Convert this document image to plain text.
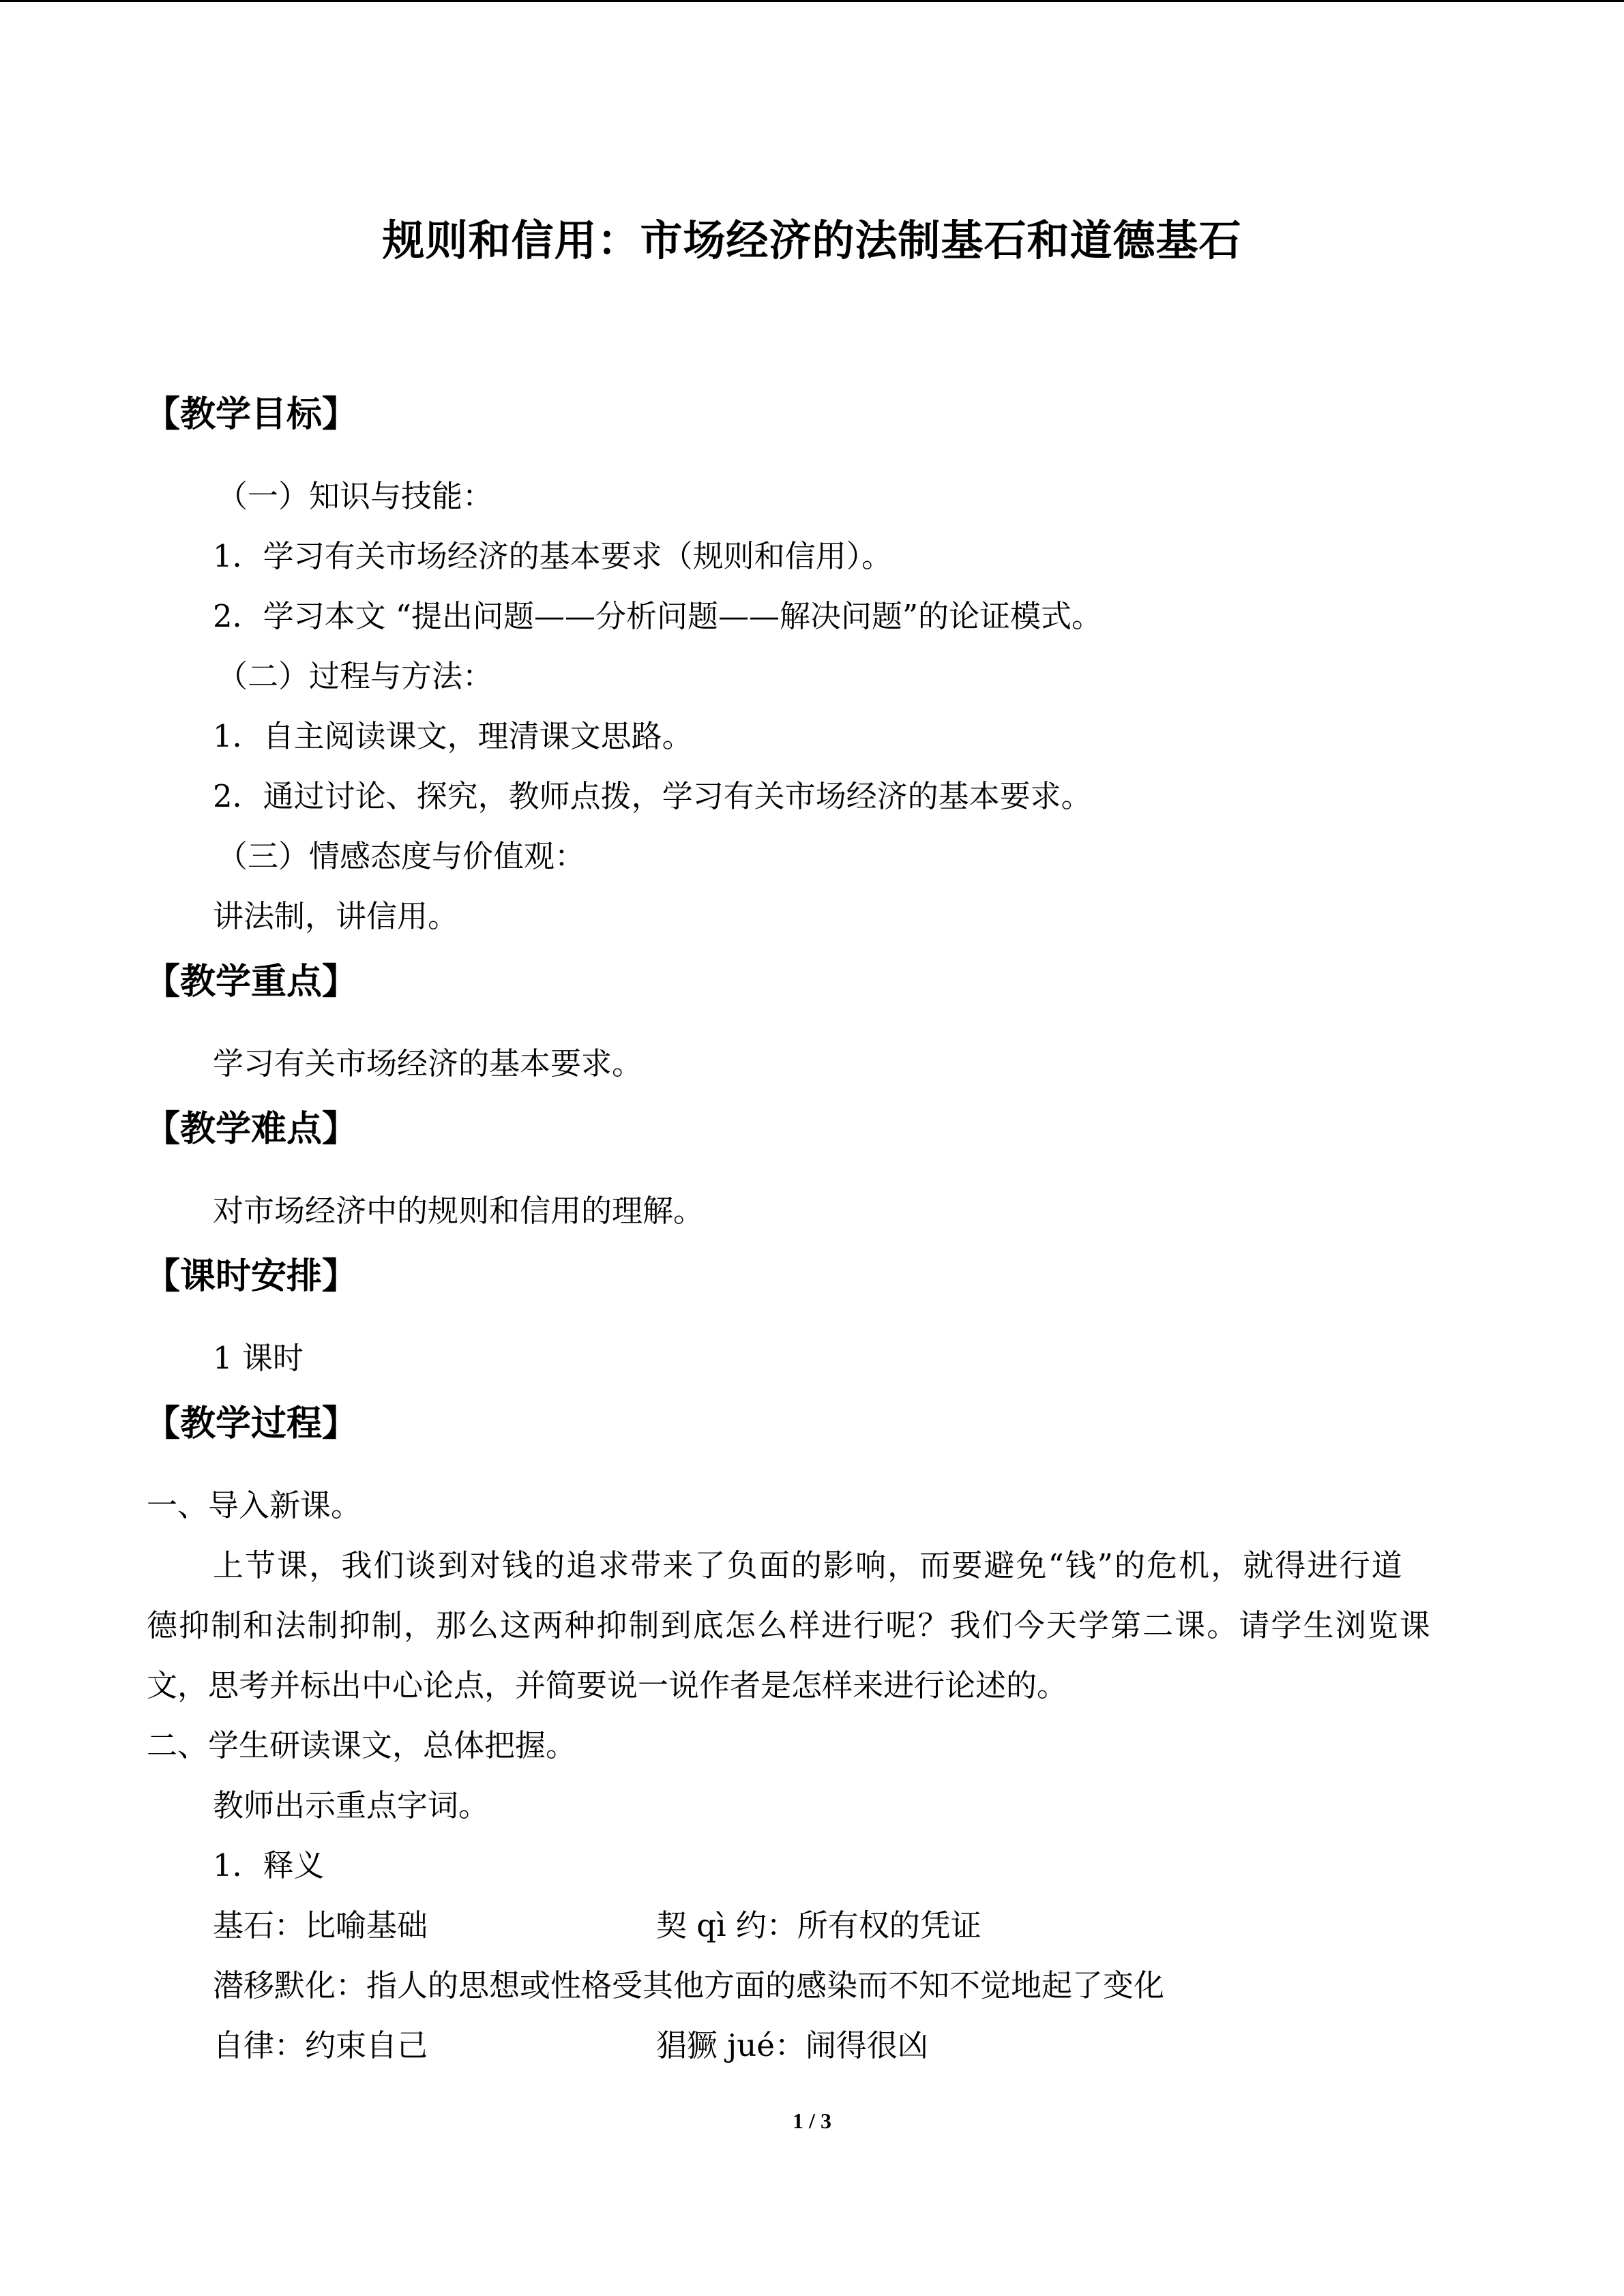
规则和信用：市场经济的法制基石和道德基石
【教学目标】
（一）知识与技能：
1．学习有关市场经济的基本要求（规则和信用）。
2．学习本文 “提出问题——分析问题——解决问题”的论证模式。
（二）过程与方法：
1．自主阅读课文，理清课文思路。
2．通过讨论、探究，教师点拨，学习有关市场经济的基本要求。
（三）情感态度与价值观：
讲法制，讲信用。
【教学重点】
学习有关市场经济的基本要求。
【教学难点】
对市场经济中的规则和信用的理解。
【课时安排】
1 课时
【教学过程】
一、导入新课。
上节课，我们谈到对钱的追求带来了负面的影响，而要避免“钱”的危机，就得进行道
德抑制和法制抑制，那么这两种抑制到底怎么样进行呢？我们今天学第二课。请学生浏览课
文，思考并标出中心论点，并简要说一说作者是怎样来进行论述的。
二、学生研读课文，总体把握。
教师出示重点字词。
1．释义
基石：比喻基础	契 qì 约：所有权的凭证
潜移默化：指人的思想或性格受其他方面的感染而不知不觉地起了变化
自律：约束自己	猖獗 jué：闹得很凶
1 / 3
